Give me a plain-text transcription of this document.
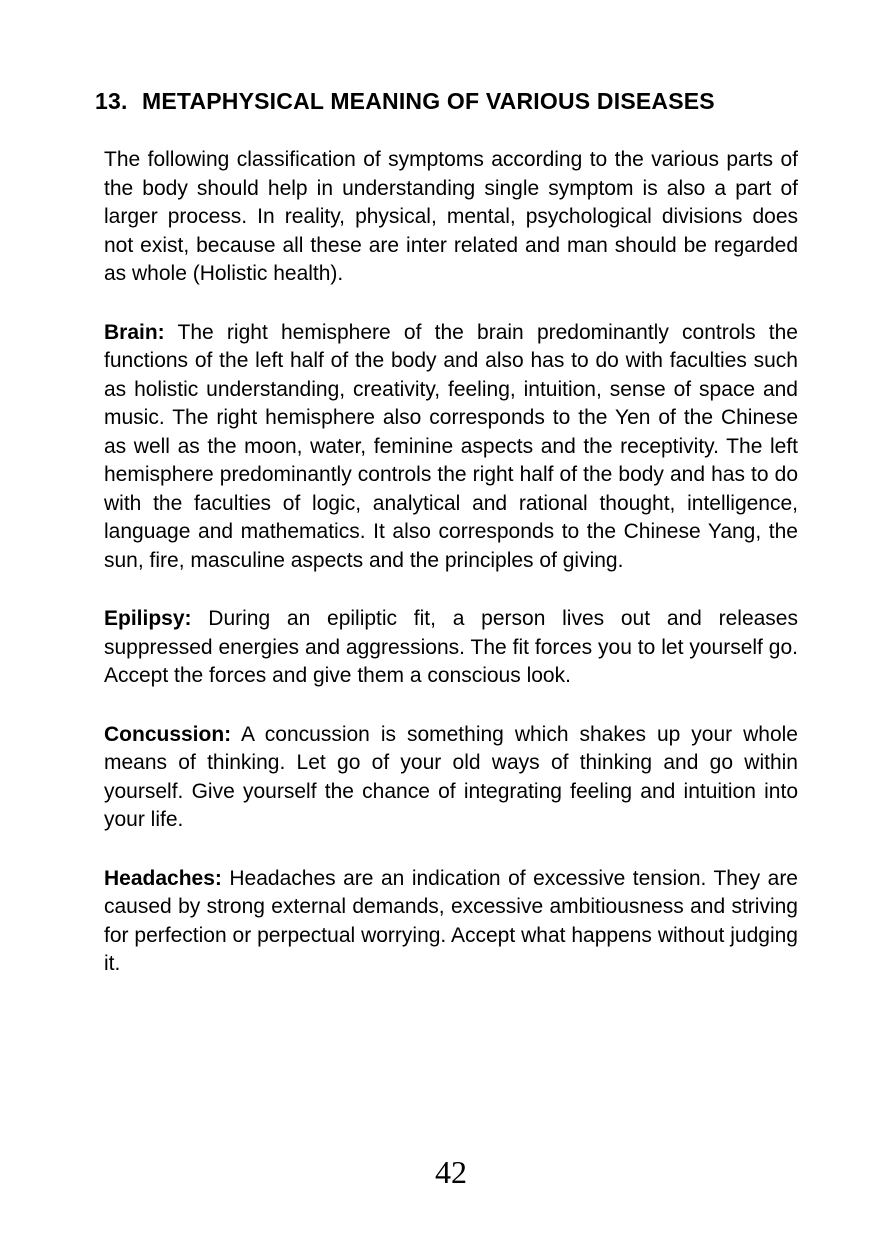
13. METAPHYSICAL MEANING OF VARIOUS DISEASES

The following classification of symptoms according to the various parts of the body should help in understanding single symptom is also a part of larger process. In reality, physical, mental, psychological divisions does not exist, because all these are inter related and man should be regarded as whole (Holistic health).

Brain: The right hemisphere of the brain predominantly controls the functions of the left half of the body and also has to do with faculties such as holistic understanding, creativity, feeling, intuition, sense of space and music. The right hemisphere also corresponds to the Yen of the Chinese as well as the moon, water, feminine aspects and the receptivity. The left hemisphere predominantly controls the right half of the body and has to do with the faculties of logic, analytical and rational thought, intelligence, language and mathematics. It also corresponds to the Chinese Yang, the sun, fire, masculine aspects and the principles of giving.

Epilipsy: During an epiliptic fit, a person lives out and releases suppressed energies and aggressions. The fit forces you to let yourself go. Accept the forces and give them a conscious look.

Concussion: A concussion is something which shakes up your whole means of thinking. Let go of your old ways of thinking and go within yourself. Give yourself the chance of integrating feeling and intuition into your life.

Headaches: Headaches are an indication of excessive tension. They are caused by strong external demands, excessive ambitiousness and striving for perfection or perpectual worrying. Accept what happens without judging it.

42
